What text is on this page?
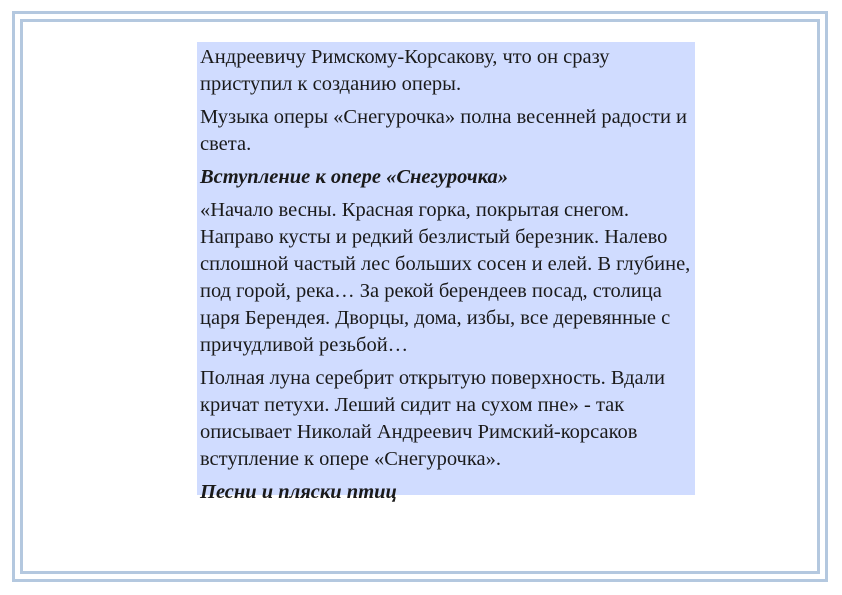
Андреевичу Римскому-Корсакову, что он сразу приступил к созданию оперы.

Музыка оперы «Снегурочка» полна весенней радости и света.

Вступление к опере «Снегурочка»

«Начало весны. Красная горка, покрытая снегом. Направо кусты и редкий безлистый березник. Налево сплошной частый лес больших сосен и елей. В глубине, под горой, река… За рекой берендеев посад, столица царя Берендея. Дворцы, дома, избы, все деревянные с причудливой резьбой…

Полная луна серебрит открытую поверхность. Вдали кричат петухи. Леший сидит на сухом пне» - так описывает Николай Андреевич Римский-корсаков вступление к опере «Снегурочка».

Песни и пляски птиц
